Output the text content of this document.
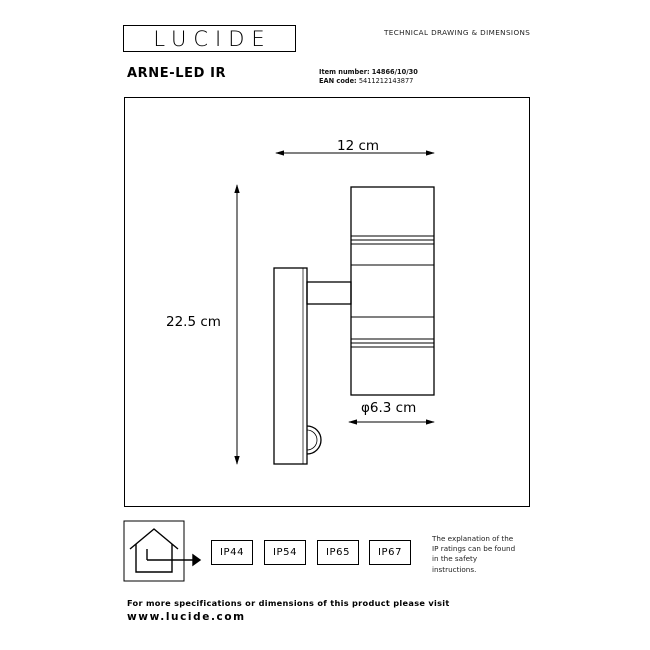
LUCIDE	TECHNICAL DRAWING & DIMENSIONS
ARNE-LED IR	Item number: 14866/10/30
EAN code: 5411212143877
12 cm
22.5 cm
φ6.3 cm
IP44	IP54	IP65	IP67
The explanation of the
IP ratings can be found
in the safety
instructions.
For more specifications or dimensions of this product please visit
www.lucide.com
